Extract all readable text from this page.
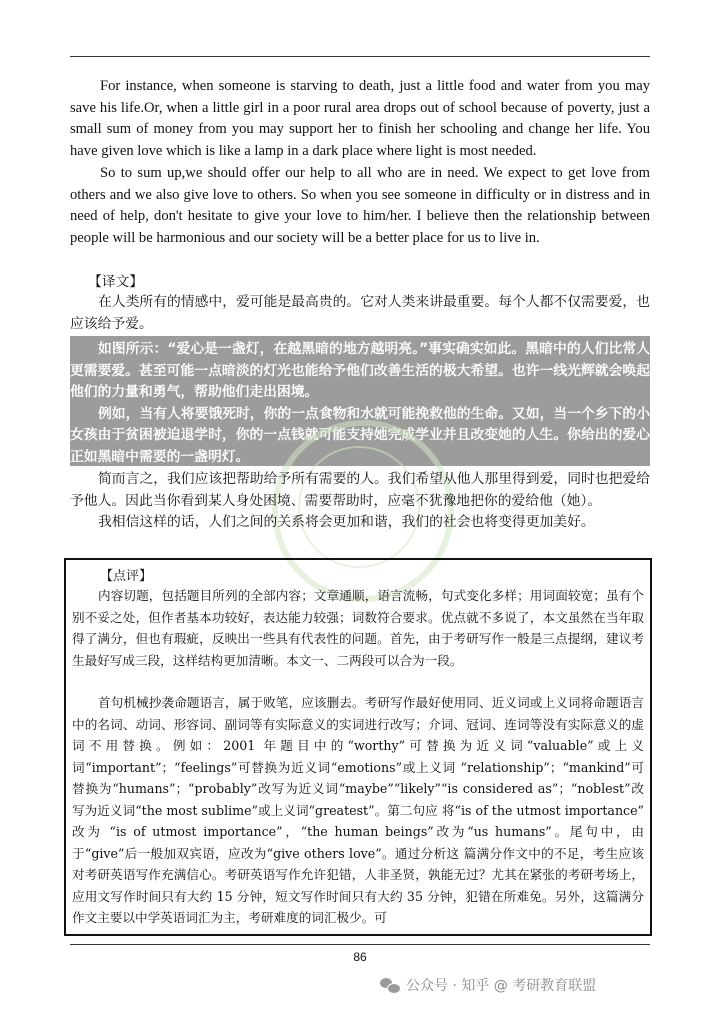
For instance, when someone is starving to death, just a little food and water from you may save his life.Or, when a little girl in a poor rural area drops out of school because of poverty, just a small sum of money from you may support her to finish her schooling and change her life. You have given love which is like a lamp in a dark place where light is most needed.

So to sum up,we should offer our help to all who are in need. We expect to get love from others and we also give love to others. So when you see someone in difficulty or in distress and in need of help, don't hesitate to give your love to him/her. I believe then the relationship between people will be harmonious and our society will be a better place for us to live in.

【译文】

在人类所有的情感中，爱可能是最高贵的。它对人类来讲最重要。每个人都不仅需要爱，也应该给予爱。

如图所示：“爱心是一盏灯，在越黑暗的地方越明亮。”事实确实如此。黑暗中的人们比常人更需要爱。甚至可能一点暗淡的灯光也能给予他们改善生活的极大希望。也许一线光辉就会唤起他们的力量和勇气，帮助他们走出困境。

例如，当有人将要饿死时，你的一点食物和水就可能挽救他的生命。又如，当一个乡下的小女孩由于贫困被迫退学时，你的一点钱就可能支持她完成学业并且改变她的人生。你给出的爱心正如黑暗中需要的一盏明灯。

简而言之，我们应该把帮助给予所有需要的人。我们希望从他人那里得到爱，同时也把爱给予他人。因此当你看到某人身处困境、需要帮助时，应毫不犹豫地把你的爱给他（她）。

我相信这样的话，人们之间的关系将会更加和谐，我们的社会也将变得更加美好。

【点评】

内容切题，包括题目所列的全部内容；文章通顺，语言流畅，句式变化多样；用词面较宽；虽有个别不妥之处，但作者基本功较好，表达能力较强；词数符合要求。优点就不多说了，本文虽然在当年取得了满分，但也有瑕疵，反映出一些具有代表性的问题。首先，由于考研写作一般是三点提纲，建议考生最好写成三段，这样结构更加清晰。本文一、二两段可以合为一段。

首句机械抄袭命题语言，属于败笔，应该删去。考研写作最好使用同、近义词或上义词将命题语言中的名词、动词、形容词、副词等有实际意义的实词进行改写；介词、冠词、连词等没有实际意义的虚词不用替换。例如：2001 年题目中的“worthy”可替换为近义词“valuable”或上义词“important”；“feelings”可替换为近义词“emotions”或上义词 “relationship”；“mankind”可替换为“humans”；“probably”改写为近义词“maybe”“likely”“is considered as”；“noblest”改写为近义词“the most sublime”或上义词“greatest”。第二句应 将“is of the utmost importance” 改为 “is of utmost importance”，“the human beings”改为“us humans”。尾句中，由于“give”后一般加双宾语，应改为“give others love”。通过分析这 篇满分作文中的不足，考生应该对考研英语写作充满信心。考研英语写作允许犯错，人非圣贤，孰能无过？尤其在紧张的考研考场上，应用文写作时间只有大约 15 分钟，短文写作时间只有大约 35 分钟，犯错在所难免。另外，这篇满分作文主要以中学英语词汇为主，考研难度的词汇极少。可

86
公众号 · 知乎 @ 考研教育联盟
